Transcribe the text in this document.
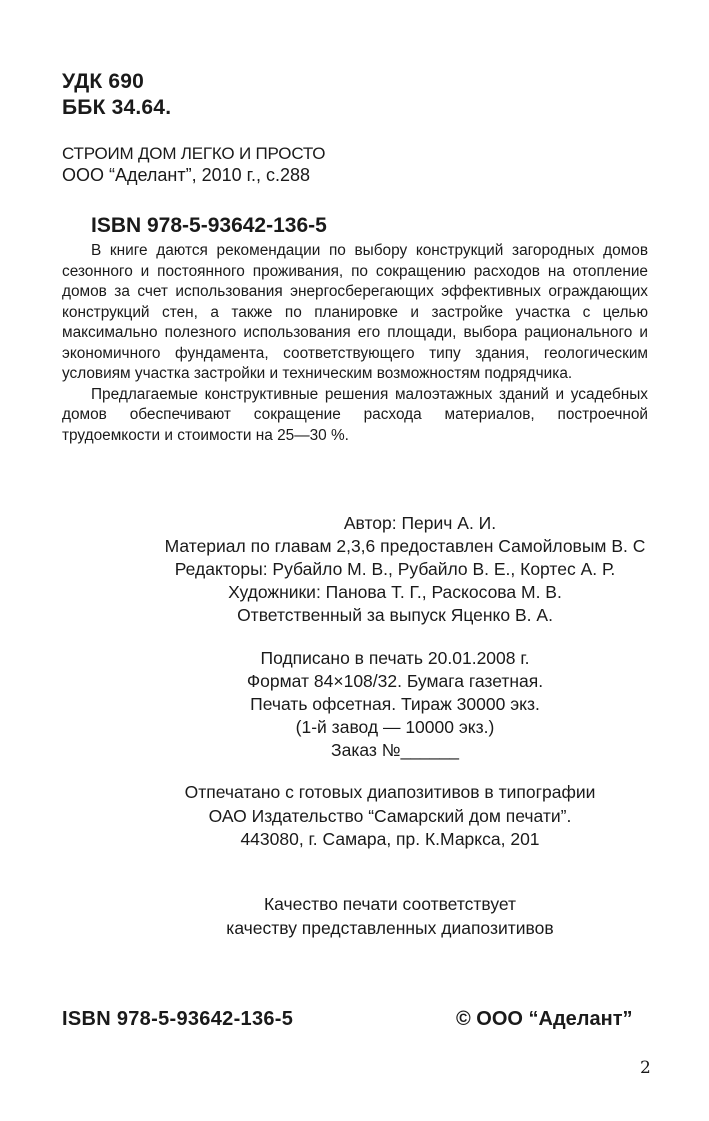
УДК 690
ББК 34.64.
СТРОИМ ДОМ ЛЕГКО И ПРОСТО
ООО “Аделант”, 2010 г., с.288
ISBN 978-5-93642-136-5

В книге даются рекомендации по выбору конструкций загородных домов сезонного и постоянного проживания, по сокращению расходов на отопление домов за счет использования энергосберегающих эффективных ограждающих конструкций стен, а также по планировке и застройке участка с целью максимально полезного использования его площади, выбора рационального и экономичного фундамента, соответствующего типу здания, геологическим условиям участка застройки и техническим возможностям подрядчика.

Предлагаемые конструктивные решения малоэтажных зданий и усадебных домов обеспечивают сокращение расхода материалов, построечной трудоемкости и стоимости на 25—30 %.

Автор: Перич А. И.
Материал по главам 2,3,6 предоставлен Самойловым В. С
Редакторы: Рубайло М. В., Рубайло В. Е., Кортес А. Р.
Художники: Панова Т. Г., Раскосова М. В.
Ответственный за выпуск Яценко В. А.
Подписано в печать 20.01.2008 г.
Формат 84×108/32. Бумага газетная.
Печать офсетная. Тираж 30000 экз.
(1-й завод — 10000 экз.)
Заказ №______
Отпечатано с готовых диапозитивов в типографии
ОАО Издательство “Самарский дом печати”.
443080, г. Самара, пр. К.Маркса, 201
Качество печати соответствует
качеству представленных диапозитивов
ISBN 978-5-93642-136-5	© ООО “Аделант”
2
